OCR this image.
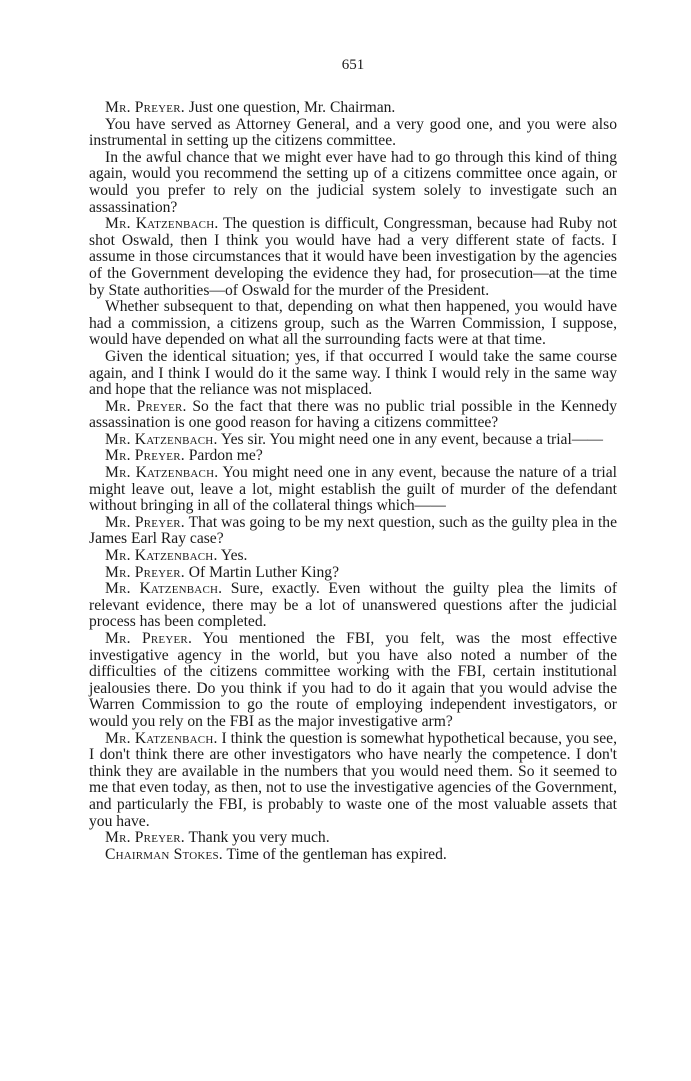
651

Mr. Preyer. Just one question, Mr. Chairman.

You have served as Attorney General, and a very good one, and you were also instrumental in setting up the citizens committee.

In the awful chance that we might ever have had to go through this kind of thing again, would you recommend the setting up of a citizens committee once again, or would you prefer to rely on the judicial system solely to investigate such an assassination?

Mr. Katzenbach. The question is difficult, Congressman, because had Ruby not shot Oswald, then I think you would have had a very different state of facts. I assume in those circumstances that it would have been investigation by the agencies of the Government developing the evidence they had, for prosecution—at the time by State authorities—of Oswald for the murder of the President.

Whether subsequent to that, depending on what then happened, you would have had a commission, a citizens group, such as the Warren Commission, I suppose, would have depended on what all the surrounding facts were at that time.

Given the identical situation; yes, if that occurred I would take the same course again, and I think I would do it the same way. I think I would rely in the same way and hope that the reliance was not misplaced.

Mr. Preyer. So the fact that there was no public trial possible in the Kennedy assassination is one good reason for having a citizens committee?

Mr. Katzenbach. Yes sir. You might need one in any event, because a trial——

Mr. Preyer. Pardon me?

Mr. Katzenbach. You might need one in any event, because the nature of a trial might leave out, leave a lot, might establish the guilt of murder of the defendant without bringing in all of the collateral things which——

Mr. Preyer. That was going to be my next question, such as the guilty plea in the James Earl Ray case?

Mr. Katzenbach. Yes.

Mr. Preyer. Of Martin Luther King?

Mr. Katzenbach. Sure, exactly. Even without the guilty plea the limits of relevant evidence, there may be a lot of unanswered questions after the judicial process has been completed.

Mr. Preyer. You mentioned the FBI, you felt, was the most effective investigative agency in the world, but you have also noted a number of the difficulties of the citizens committee working with the FBI, certain institutional jealousies there. Do you think if you had to do it again that you would advise the Warren Commission to go the route of employing independent investigators, or would you rely on the FBI as the major investigative arm?

Mr. Katzenbach. I think the question is somewhat hypothetical because, you see, I don't think there are other investigators who have nearly the competence. I don't think they are available in the numbers that you would need them. So it seemed to me that even today, as then, not to use the investigative agencies of the Government, and particularly the FBI, is probably to waste one of the most valuable assets that you have.

Mr. Preyer. Thank you very much.

Chairman Stokes. Time of the gentleman has expired.
